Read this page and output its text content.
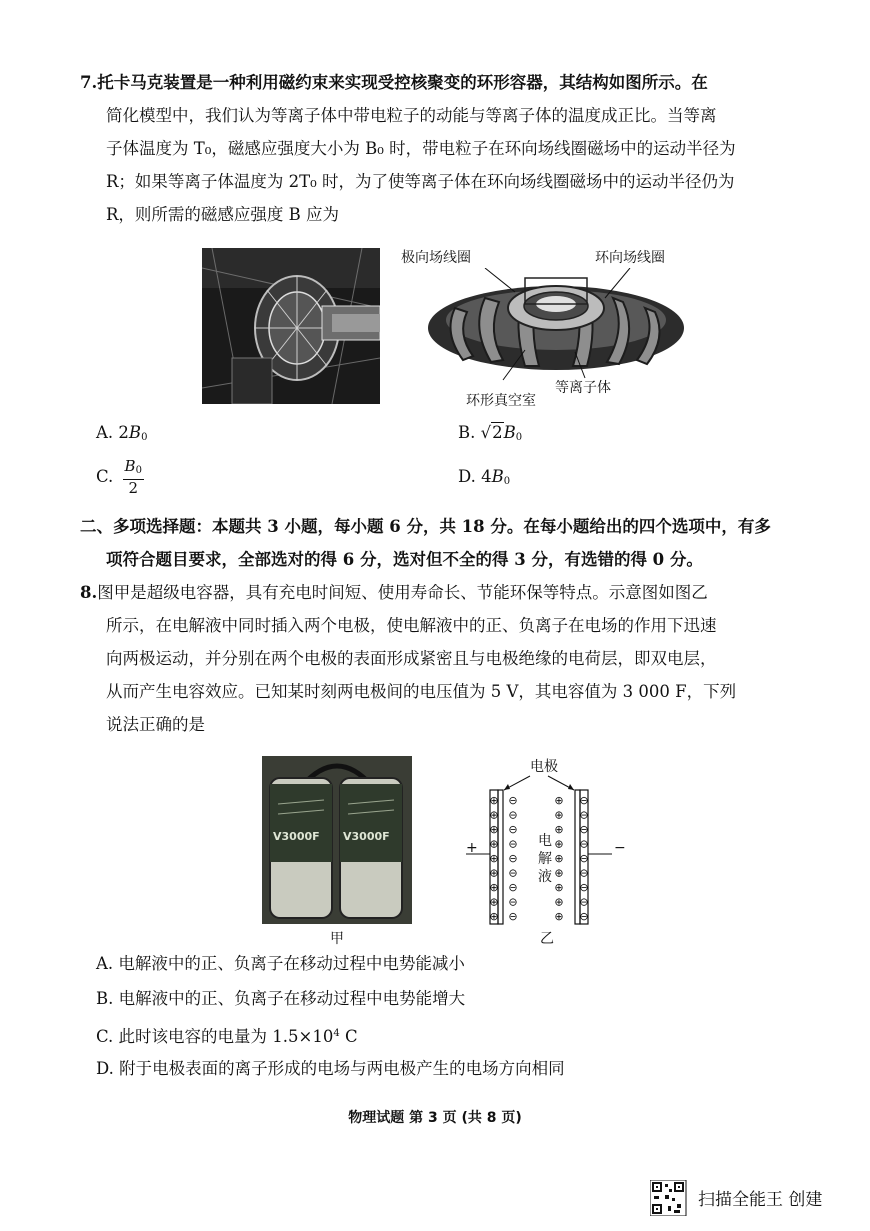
7.托卡马克装置是一种利用磁约束来实现受控核聚变的环形容器，其结构如图所示。在
简化模型中，我们认为等离子体中带电粒子的动能与等离子体的温度成正比。当等离
子体温度为 T₀，磁感应强度大小为 B₀ 时，带电粒子在环向场线圈磁场中的运动半径为
R；如果等离子体温度为 2T₀ 时，为了使等离子体在环向场线圈磁场中的运动半径仍为
R，则所需的磁感应强度 B 应为
极向场线圈	环向场线圈
环形真空室
等离子体
A. $2B_0$	B. $√2B_0$
C. $\frac{B_0}{2}$	D. $4B_0$
二、多项选择题：本题共 3 小题，每小题 6 分，共 18 分。在每小题给出的四个选项中，有多
项符合题目要求，全部选对的得 6 分，选对但不全的得 3 分，有选错的得 0 分。
8.图甲是超级电容器，具有充电时间短、使用寿命长、节能环保等特点。示意图如图乙
所示，在电解液中同时插入两个电极，使电解液中的正、负离子在电场的作用下迅速
向两极运动，并分别在两个电极的表面形成紧密且与电极绝缘的电荷层，即双电层，
从而产生电容效应。已知某时刻两电极间的电压值为 5 V，其电容值为 3 000 F，下列
说法正确的是
V3000F V3000F
⊕
⊕
⊕
⊕
⊕
⊕
⊕
⊕
⊕
⊖
⊖
⊖
⊖
⊖
⊖
⊖
⊖
⊖
⊕
⊕
⊕
⊕
⊕
⊕
⊕
⊕
⊕
⊖
⊖
⊖
⊖
⊖
⊖
⊖
⊖
⊖
电极
电
解
液
+	−
甲	乙
A. 电解液中的正、负离子在移动过程中电势能减小
B. 电解液中的正、负离子在移动过程中电势能增大
C. 此时该电容的电量为 $1.5\times 10^4$ C
D. 附于电极表面的离子形成的电场与两电极产生的电场方向相同
物理试题 第 3 页 (共 8 页)
扫描全能王 创建
